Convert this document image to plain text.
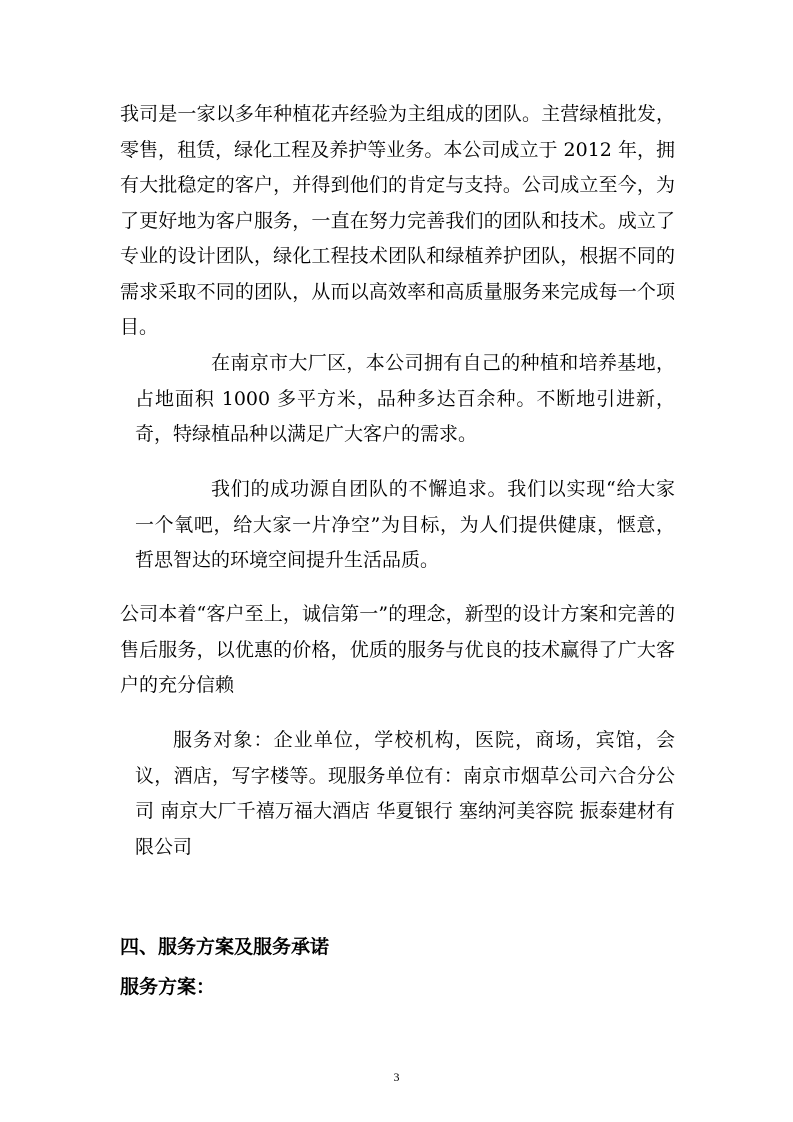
我司是一家以多年种植花卉经验为主组成的团队。主营绿植批发，零售，租赁，绿化工程及养护等业务。本公司成立于 2012 年，拥有大批稳定的客户，并得到他们的肯定与支持。公司成立至今，为了更好地为客户服务，一直在努力完善我们的团队和技术。成立了专业的设计团队，绿化工程技术团队和绿植养护团队，根据不同的需求采取不同的团队，从而以高效率和高质量服务来完成每一个项目。

在南京市大厂区，本公司拥有自己的种植和培养基地，占地面积 1000 多平方米，品种多达百余种。不断地引进新，奇，特绿植品种以满足广大客户的需求。

我们的成功源自团队的不懈追求。我们以实现“给大家一个氧吧，给大家一片净空”为目标，为人们提供健康，惬意，哲思智达的环境空间提升生活品质。

公司本着“客户至上，诚信第一”的理念，新型的设计方案和完善的售后服务，以优惠的价格，优质的服务与优良的技术赢得了广大客户的充分信赖

服务对象：企业单位，学校机构，医院，商场，宾馆，会议，酒店，写字楼等。现服务单位有：南京市烟草公司六合分公司 南京大厂千禧万福大酒店 华夏银行 塞纳河美容院 振泰建材有限公司

四、服务方案及服务承诺

服务方案：

3
